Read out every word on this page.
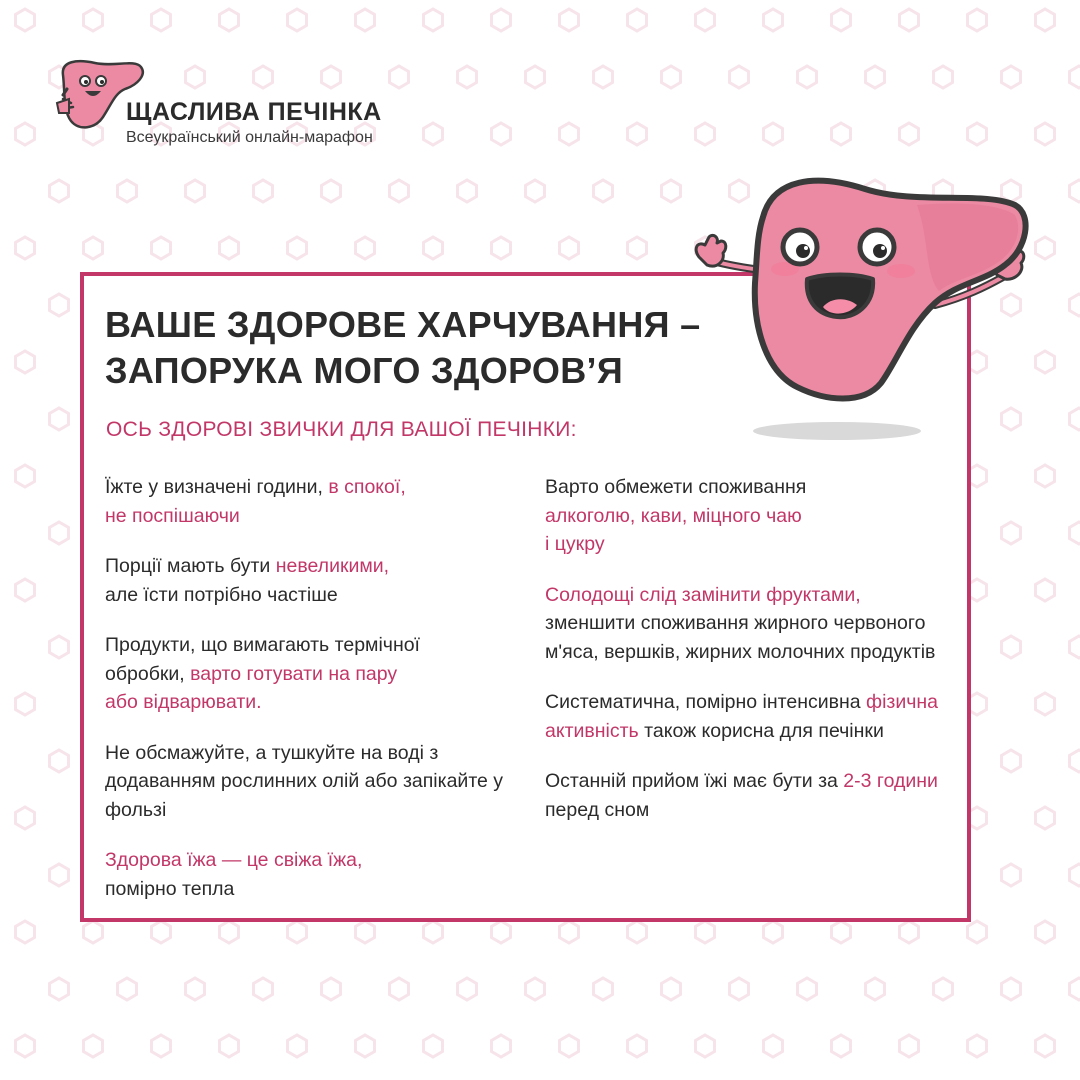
ЩАСЛИВА ПЕЧІНКА

Всеукраїнський онлайн-марафон

ВАШЕ ЗДОРОВЕ ХАРЧУВАННЯ –
ЗАПОРУКА МОГО ЗДОРОВ’Я

ОСЬ ЗДОРОВІ ЗВИЧКИ ДЛЯ ВАШОЇ ПЕЧІНКИ:

Їжте у визначені години, в спокої,
не поспішаючи

Порції мають бути невеликими,
але їсти потрібно частіше

Продукти, що вимагають термічної обробки, варто готувати на пару
або відварювати.

Не обсмажуйте, а тушкуйте на воді з додаванням рослинних олій або запікайте у фользі

Здорова їжа — це свіжа їжа,
помірно тепла

Варто обмежети споживання
алкоголю, кави, міцного чаю
і цукру

Солодощі слід замінити фруктами,
зменшити споживання жирного червоного м'яса, вершків, жирних молочних продуктів

Систематична, помірно інтенсивна фізична активність також корисна для печінки

Останній прийом їжі має бути за 2-3 години перед сном
